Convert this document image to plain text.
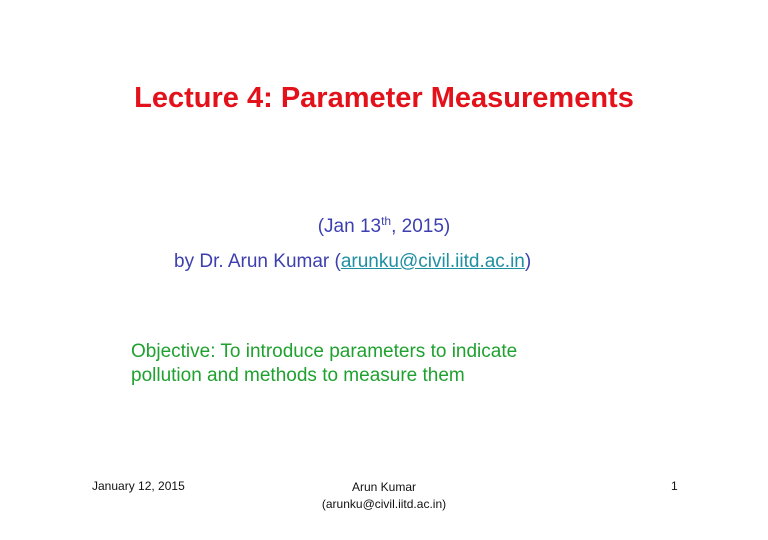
Lecture 4: Parameter Measurements
(Jan 13th, 2015)
by Dr. Arun Kumar (arunku@civil.iitd.ac.in)
Objective: To introduce parameters to indicate
pollution and methods to measure them
January 12, 2015	Arun Kumar
(arunku@civil.iitd.ac.in)
1
